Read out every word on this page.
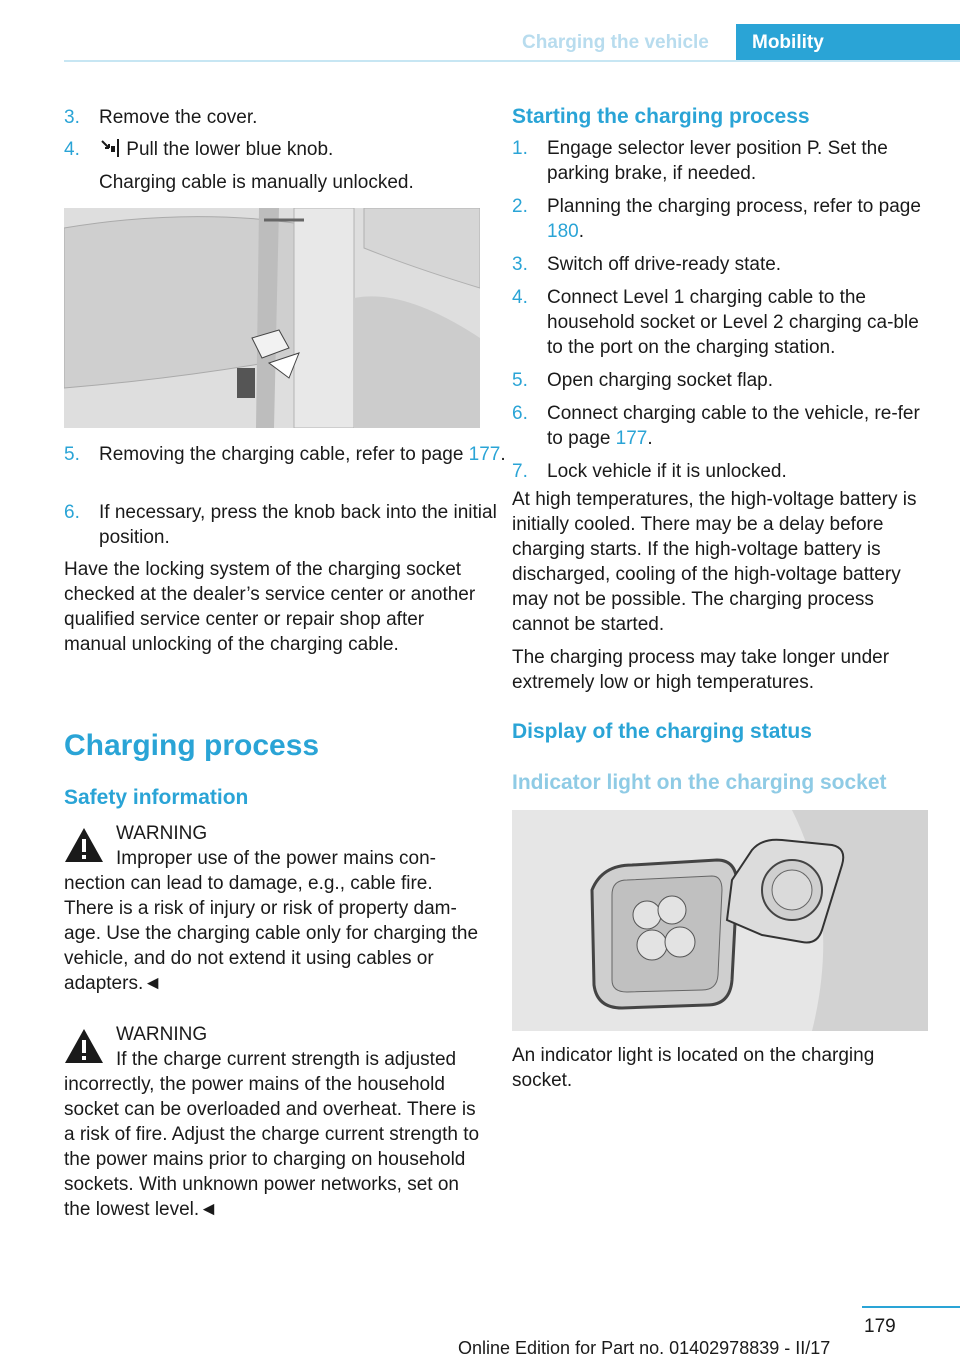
Charging the vehicle	Mobility
3. Remove the cover.
4. Pull the lower blue knob.

Charging cable is manually unlocked.

5. Removing the charging cable, refer to page 177.
6. If necessary, press the knob back into the initial position.

Have the locking system of the charging socket checked at the dealer’s service center or another qualified service center or repair shop after manual unlocking of the charging cable.

Charging process
Safety information
WARNING
Improper use of the power mains con-

nection can lead to damage, e.g., cable fire. There is a risk of injury or risk of property dam-age. Use the charging cable only for charging the vehicle, and do not extend it using cables or adapters.◄

WARNING
If the charge current strength is adjusted

incorrectly, the power mains of the household socket can be overloaded and overheat. There is a risk of fire. Adjust the charge current strength to the power mains prior to charging on household sockets. With unknown power networks, set on the lowest level.◄

Starting the charging process
1. Engage selector lever position P. Set the parking brake, if needed.
2. Planning the charging process, refer to page 180.
3. Switch off drive-ready state.
4. Connect Level 1 charging cable to the household socket or Level 2 charging ca-ble to the port on the charging station.
5. Open charging socket flap.
6. Connect charging cable to the vehicle, re-fer to page 177.
7. Lock vehicle if it is unlocked.

At high temperatures, the high-voltage battery is initially cooled. There may be a delay before charging starts. If the high-voltage battery is discharged, cooling of the high-voltage battery may not be possible. The charging process cannot be started.

The charging process may take longer under extremely low or high temperatures.

Display of the charging status
Indicator light on the charging socket

An indicator light is located on the charging socket.

179
Online Edition for Part no. 01402978839 - II/17
